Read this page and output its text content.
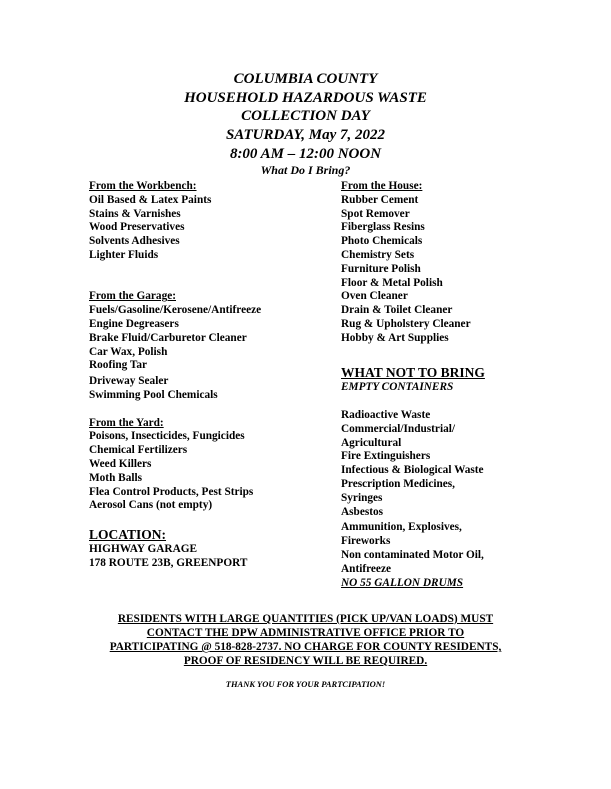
COLUMBIA COUNTY
HOUSEHOLD HAZARDOUS WASTE
COLLECTION DAY
SATURDAY, May 7, 2022
8:00 AM – 12:00 NOON
What Do I Bring?
From the Workbench:
Oil Based & Latex Paints
Stains & Varnishes
Wood Preservatives
Solvents Adhesives
Lighter Fluids
From the Garage:
Fuels/Gasoline/Kerosene/Antifreeze
Engine Degreasers
Brake Fluid/Carburetor Cleaner
Car Wax, Polish
Roofing Tar
Driveway Sealer
Swimming Pool Chemicals
From the Yard:
Poisons, Insecticides, Fungicides
Chemical Fertilizers
Weed Killers
Moth Balls
Flea Control Products, Pest Strips
Aerosol Cans (not empty)
LOCATION:
HIGHWAY GARAGE
178 ROUTE 23B, GREENPORT
From the House:
Rubber Cement
Spot Remover
Fiberglass Resins
Photo Chemicals
Chemistry Sets
Furniture Polish
Floor & Metal Polish
Oven Cleaner
Drain & Toilet Cleaner
Rug & Upholstery Cleaner
Hobby & Art Supplies
WHAT NOT TO BRING
EMPTY CONTAINERS
Radioactive Waste
Commercial/Industrial/
Agricultural
Fire Extinguishers
Infectious & Biological Waste
Prescription Medicines,
Syringes
Asbestos
Ammunition, Explosives,
Fireworks
Non contaminated Motor Oil,
Antifreeze
NO 55 GALLON DRUMS
RESIDENTS WITH LARGE QUANTITIES (PICK UP/VAN LOADS) MUST
CONTACT THE DPW ADMINISTRATIVE OFFICE PRIOR TO
PARTICIPATING @ 518-828-2737. NO CHARGE FOR COUNTY RESIDENTS,
PROOF OF RESIDENCY WILL BE REQUIRED.
THANK YOU FOR YOUR PARTCIPATION!
